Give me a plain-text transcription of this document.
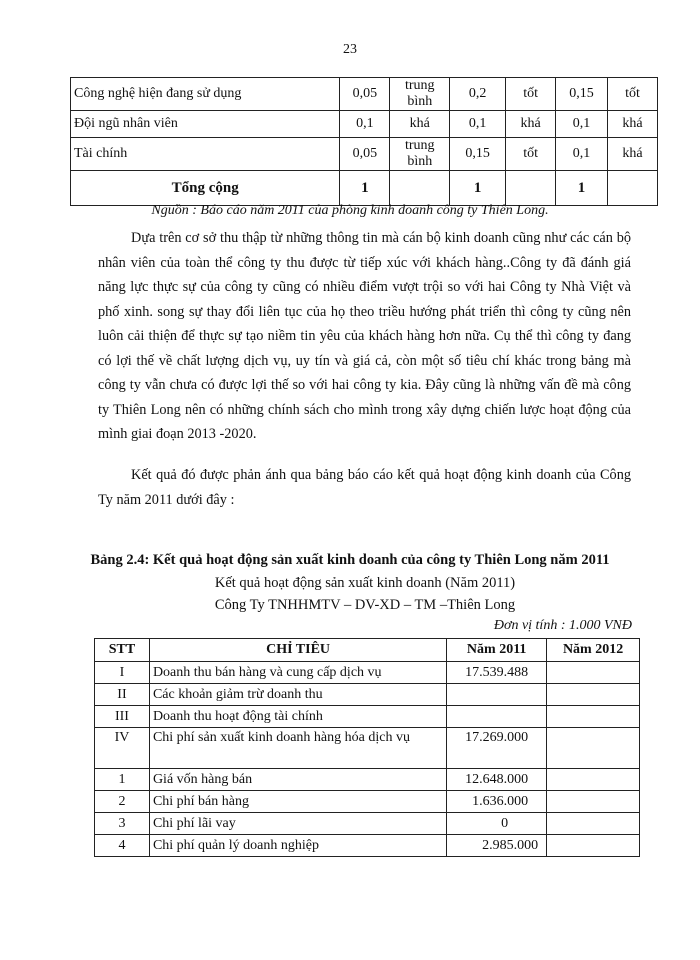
23
Công nghệ hiện đang sử dụng	0,05	trung bình	0,2	tốt	0,15	tốt
Đội ngũ nhân viên	0,1	khá	0,1	khá	0,1	khá
Tài chính	0,05	trung bình	0,15	tốt	0,1	khá
Tổng cộng	1		1		1	
Nguồn : Báo cáo năm 2011 của phòng kinh doanh công ty Thiên Long.

Dựa trên cơ sở thu thập từ những thông tin mà cán bộ kinh doanh cũng như các cán bộ nhân viên của toàn thể công ty thu được từ tiếp xúc với khách hàng..Công ty đã đánh giá năng lực thực sự của công ty cũng có nhiều điểm vượt trội so với hai Công ty Nhà Việt và phố xinh. song sự thay đổi liên tục của họ theo triều hướng phát triển thì công ty cũng nên luôn cải thiện để thực sự tạo niềm tin yêu của khách hàng hơn nữa. Cụ thể thì công ty đang có lợi thế về chất lượng dịch vụ, uy tín và giá cả, còn một số tiêu chí khác trong bảng mà công ty vẫn chưa có được lợi thế so với hai công ty kia. Đây cũng là những vấn đề mà công ty Thiên Long nên có những chính sách cho mình trong xây dựng chiến lược hoạt động của mình giai đoạn 2013 -2020.

Kết quả đó được phản ánh qua bảng báo cáo kết quả hoạt động kinh doanh của Công Ty năm 2011 dưới đây :

Bảng 2.4: Kết quả hoạt động sản xuất kinh doanh của công ty Thiên Long năm 2011
Kết quả hoạt động sản xuất kinh doanh (Năm 2011)
Công Ty TNHHMTV – DV-XD – TM –Thiên Long
Đơn vị tính : 1.000 VNĐ
STT	CHỈ TIÊU	Năm 2011	Năm 2012
I	Doanh thu bán hàng và cung cấp dịch vụ	17.539.488	
II	Các khoản giảm trừ doanh thu		
III	Doanh thu hoạt động tài chính		
IV	Chi phí sản xuất kinh doanh hàng hóa dịch vụ	17.269.000	
1	Giá vốn hàng bán	12.648.000	
2	Chi phí bán hàng	1.636.000	
3	Chi phí lãi vay	0	
4	Chi phí quản lý doanh nghiệp	2.985.000	
